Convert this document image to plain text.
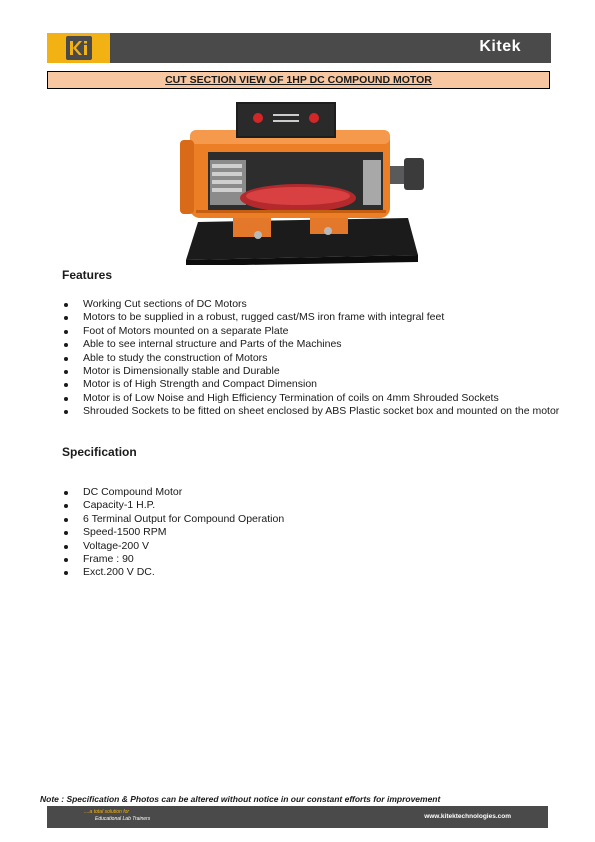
Kitek
CUT SECTION VIEW OF 1HP DC COMPOUND MOTOR
Features
Working Cut sections of DC Motors
Motors to be supplied in a robust, rugged cast/MS iron frame with integral feet
Foot of Motors mounted on a separate Plate
Able to see internal structure and Parts of the Machines
Able to study the construction of Motors
Motor is Dimensionally stable and Durable
Motor is of High Strength and Compact Dimension
Motor is of Low Noise and High Efficiency Termination of coils on 4mm Shrouded Sockets
Shrouded Sockets to be fitted on sheet enclosed by ABS Plastic socket box and mounted on the motor
Specification
DC Compound Motor
Capacity-1 H.P.
6 Terminal Output for Compound Operation
Speed-1500 RPM
Voltage-200 V
Frame : 90
Exct.200 V DC.
Note : Specification & Photos can be altered without notice in our constant efforts for improvement
....a total solution for
Educational Lab Trainers	www.kitektechnologies.com
